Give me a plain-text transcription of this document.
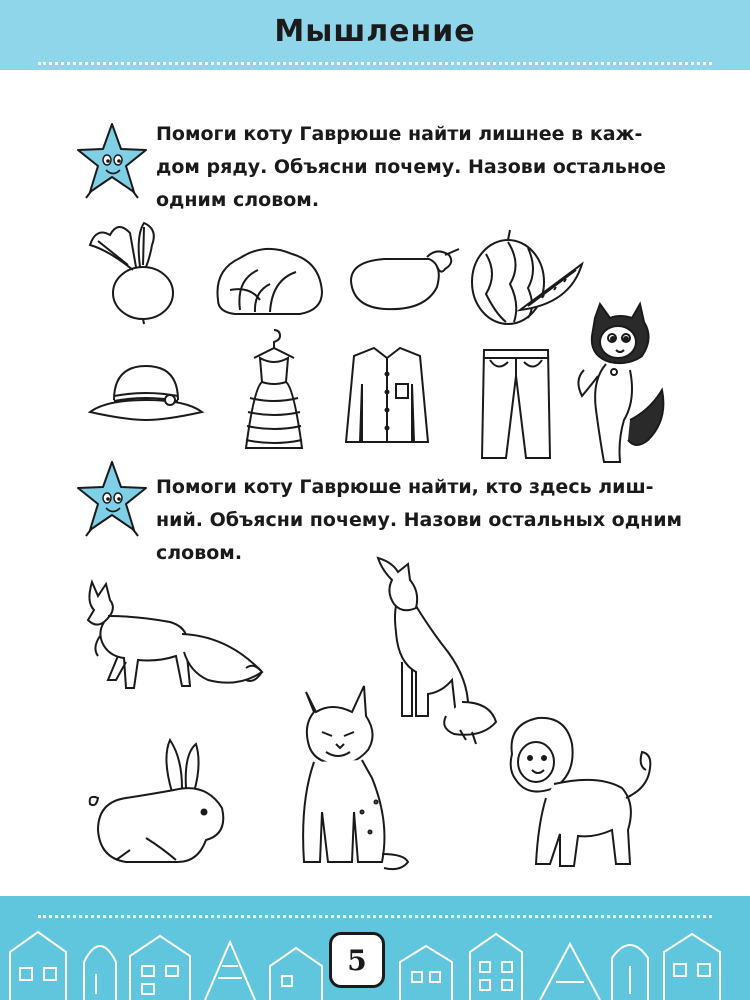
Мышление
Помоги коту Гаврюше найти лишнее в каж-
дом ряду. Объясни почему. Назови остальное
одним словом.
Помоги коту Гаврюше найти, кто здесь лиш-
ний. Объясни почему. Назови остальных одним
словом.
5
